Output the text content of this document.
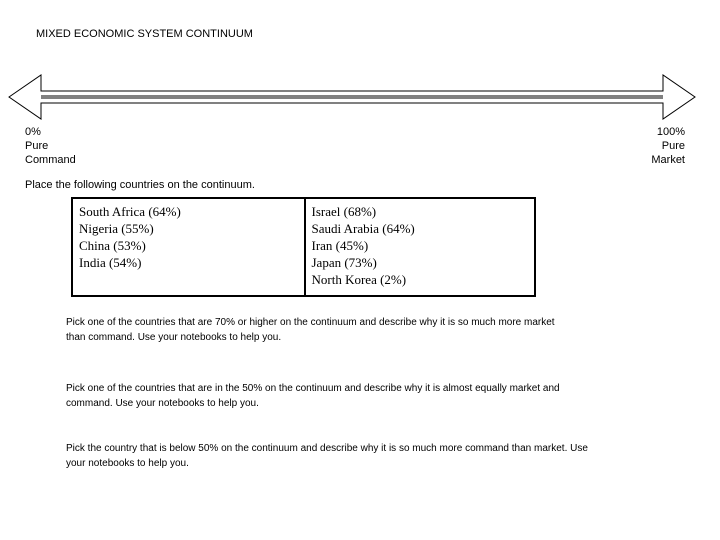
MIXED ECONOMIC SYSTEM CONTINUUM
0%
Pure
Command
100%
Pure
Market
Place the following countries on the continuum.
South Africa (64%)
Nigeria (55%)
China (53%)
India (54%)
Israel (68%)
Saudi Arabia (64%)
Iran (45%)
Japan (73%)
North Korea (2%)
Pick one of the countries that are 70% or higher on the continuum and describe why it is so much more market
than command. Use your notebooks to help you.
Pick one of the countries that are in the 50% on the continuum and describe why it is almost equally market and
command. Use your notebooks to help you.
Pick the country that is below 50% on the continuum and describe why it is so much more command than market. Use
your notebooks to help you.
